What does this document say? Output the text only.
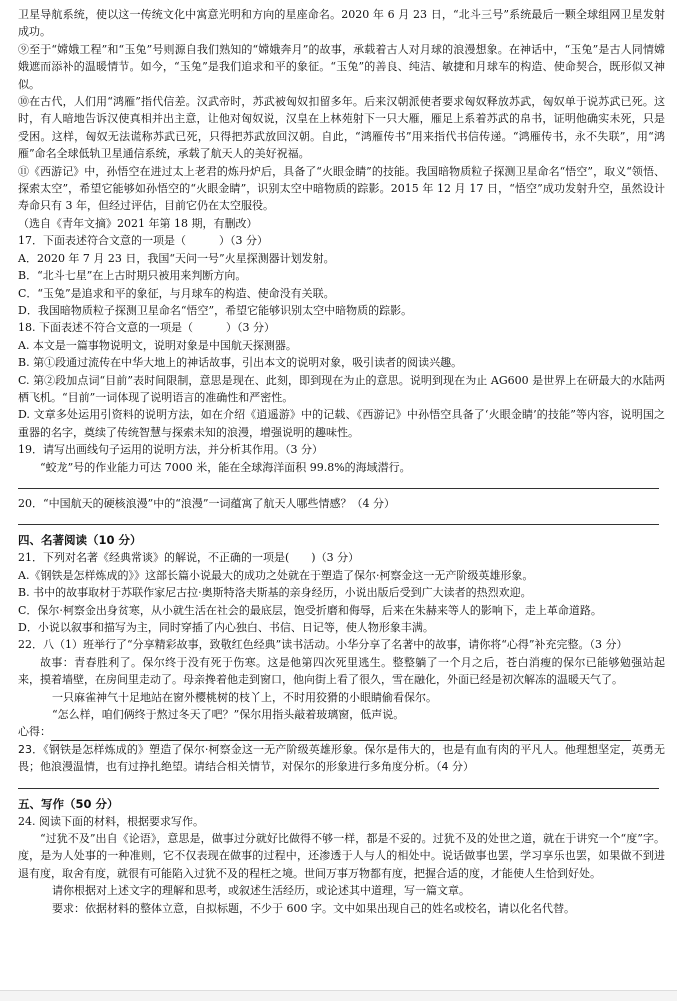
卫星导航系统，使以这一传统文化中寓意光明和方向的星座命名。2020 年 6 月 23 日，“北斗三号”系统最后一颗全球组网卫星发射成功。

⑨至于“嫦娥工程”和“玉兔”号则源自我们熟知的“嫦娥奔月”的故事，承载着古人对月球的浪漫想象。在神话中，“玉兔”是古人同情嫦娥遮而添补的温暖情节。如今，“玉兔”是我们追求和平的象征。“玉兔”的善良、纯洁、敏捷和月球车的构造、使命契合，既形似又神似。

⑩在古代，人们用“鸿雁”指代信差。汉武帝时，苏武被匈奴扣留多年。后来汉朝派使者要求匈奴释放苏武，匈奴单于说苏武已死。这时，有人暗地告诉汉使真相并出主意，让他对匈奴说，汉皇在上林苑射下一只大雁，雁足上系着苏武的帛书，证明他确实未死，只是受困。这样，匈奴无法谎称苏武已死，只得把苏武放回汉朝。自此，“鸿雁传书”用来指代书信传递。“鸿雁传书，永不失联”，用“鸿雁”命名全球低轨卫星通信系统，承载了航天人的美好祝福。

⑪《西游记》中，孙悟空在进过太上老君的炼丹炉后，具备了“火眼金睛”的技能。我国暗物质粒子探测卫星命名“悟空”，取义“领悟、探索太空”，希望它能够如孙悟空的“火眼金睛”，识别太空中暗物质的踪影。2015 年 12 月 17 日，“悟空”成功发射升空，虽然设计寿命只有 3 年，但经过评估，目前它仍在太空服役。

（选自《青年文摘》2021 年第 18 期，有删改）

17．下面表述符合文意的一项是（　　　）（3 分）

A．2020 年 7 月 23 日，我国“天问一号”火星探测器计划发射。

B．“北斗七星”在上古时期只被用来判断方向。

C．“玉兔”是追求和平的象征，与月球车的构造、使命没有关联。

D．我国暗物质粒子探测卫星命名“悟空”，希望它能够识别太空中暗物质的踪影。

18. 下面表述不符合文意的一项是（　　　）（3 分）

A. 本文是一篇事物说明文，说明对象是中国航天探测器。

B. 第①段通过流传在中华大地上的神话故事，引出本文的说明对象，吸引读者的阅读兴趣。

C. 第②段加点词“目前”表时间限制，意思是现在、此刻，即到现在为止的意思。说明到现在为止 AG600 是世界上在研最大的水陆两栖飞机。“目前”一词体现了说明语言的准确性和严密性。

D. 文章多处运用引资料的说明方法，如在介绍《逍遥游》中的记载、《西游记》中孙悟空具备了‘火眼金睛’的技能”等内容，说明国之重器的名字，奠续了传统智慧与探索未知的浪漫，增强说明的趣味性。

19．请写出画线句子运用的说明方法，并分析其作用。（3 分）

“蛟龙”号的作业能力可达 7000 米，能在全球海洋面积 99.8%的海域潜行。

20．“中国航天的硬核浪漫”中的“浪漫”一词蕴寓了航天人哪些情感？（4 分）

四、名著阅读（10 分）

21．下列对名著《经典常谈》的解说，不正确的一项是(　　)（3 分）

A.《钢铁是怎样炼成的》》这部长篇小说最大的成功之处就在于塑造了保尔·柯察金这一无产阶级英雄形象。

B. 书中的故事取材于苏联作家尼古拉·奥斯特洛夫斯基的亲身经历，小说出版后受到广大读者的热烈欢迎。

C．保尔·柯察金出身贫寒，从小就生活在社会的最底层，饱受折磨和侮辱，后来在朱赫来等人的影响下，走上革命道路。

D．小说以叙事和描写为主，同时穿插了内心独白、书信、日记等，使人物形象丰满。

22．八（1）班举行了“分享精彩故事，致敬红色经典”读书活动。小华分享了名著中的故事，请你将“心得”补充完整。（3 分）

故事：青春胜利了。保尔终于没有死于伤寒。这是他第四次死里逃生。整整躺了一个月之后，苍白消瘦的保尔已能够勉强站起来，摸着墙壁，在房间里走动了。母亲搀着他走到窗口，他向街上看了很久，雪在融化，外面已经是初次解冻的温暖天气了。

一只麻雀神气十足地站在窗外樱桃树的枝丫上，不时用狡猾的小眼睛偷看保尔。

“怎么样，咱们俩终于熬过冬天了吧？”保尔用指头敲着玻璃窗，低声说。

心得：

23．《钢铁是怎样炼成的》塑造了保尔·柯察金这一无产阶级英雄形象。保尔是伟大的，也是有血有肉的平凡人。他理想坚定，英勇无畏；他浪漫温情，也有过挣扎绝望。请结合相关情节，对保尔的形象进行多角度分析。（4 分）

五、写作（50 分）

24. 阅读下面的材料，根据要求写作。

“过犹不及”出自《论语》，意思是，做事过分就好比做得不够一样，都是不妥的。过犹不及的处世之道，就在于讲究一个“度”字。度，是为人处事的一种准则，它不仅表现在做事的过程中，还渗透于人与人的相处中。说话做事也罢，学习享乐也罢，如果做不到进退有度，取舍有度，就很有可能陷入过犹不及的程枉之境。世间万事万物都有度，把握合适的度，才能使人生恰到好处。

请你根据对上述文字的理解和思考，或叙述生活经历，或论述其中道理，写一篇文章。

要求：依据材料的整体立意，自拟标题，不少于 600 字。文中如果出现自己的姓名或校名，请以化名代替。
